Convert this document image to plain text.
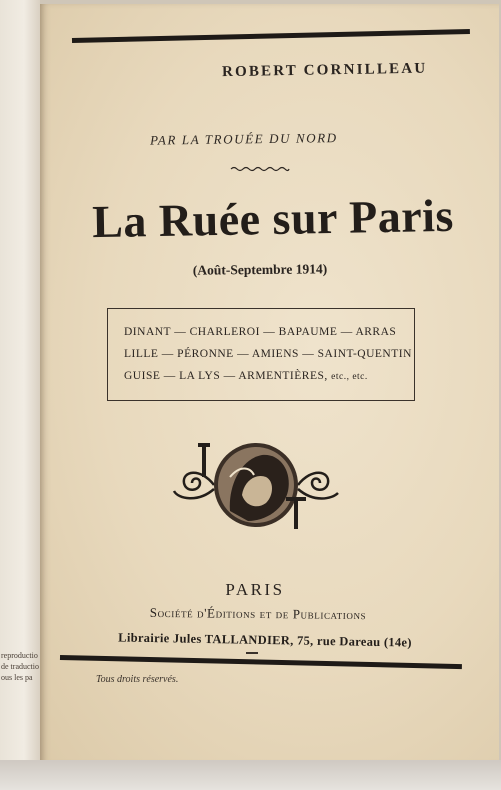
reproductio
de traductio
ous les pa
ROBERT CORNILLEAU
PAR LA TROUÉE DU NORD
La Ruée sur Paris
(Août-Septembre 1914)
DINANT — CHARLEROI — BAPAUME — ARRAS
LILLE — PÉRONNE — AMIENS — SAINT-QUENTIN
GUISE — LA LYS — ARMENTIÈRES, etc., etc.
PARIS
Société d'Éditions et de Publications
Librairie Jules TALLANDIER, 75, rue Dareau (14e)
Tous droits réservés.
